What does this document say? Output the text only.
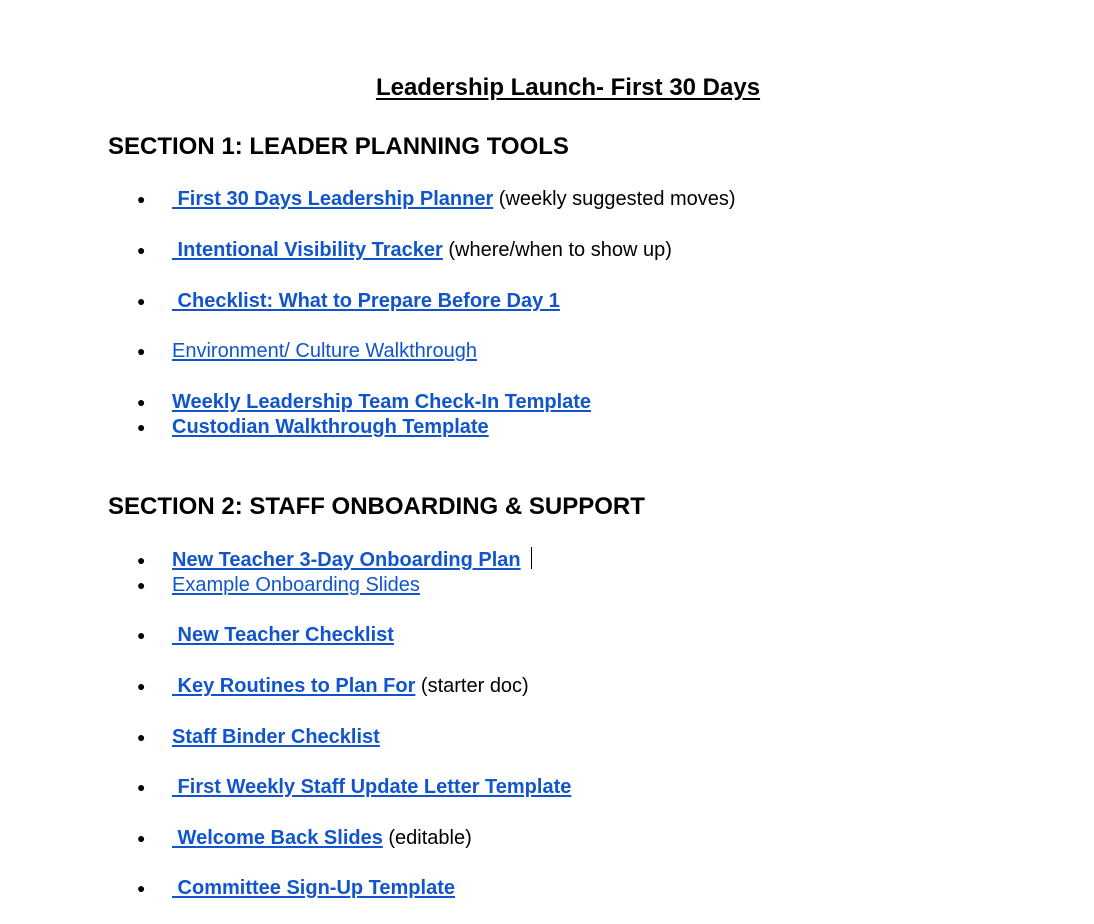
Leadership Launch- First 30 Days
SECTION 1: LEADER PLANNING TOOLS
● First 30 Days Leadership Planner (weekly suggested moves)
● Intentional Visibility Tracker (where/when to show up)
● Checklist: What to Prepare Before Day 1
● Environment/ Culture Walkthrough
● Weekly Leadership Team Check-In Template
● Custodian Walkthrough Template
SECTION 2: STAFF ONBOARDING & SUPPORT
● New Teacher 3-Day Onboarding Plan
● Example Onboarding Slides
● New Teacher Checklist
● Key Routines to Plan For (starter doc)
● Staff Binder Checklist
● First Weekly Staff Update Letter Template
● Welcome Back Slides (editable)
● Committee Sign-Up Template
